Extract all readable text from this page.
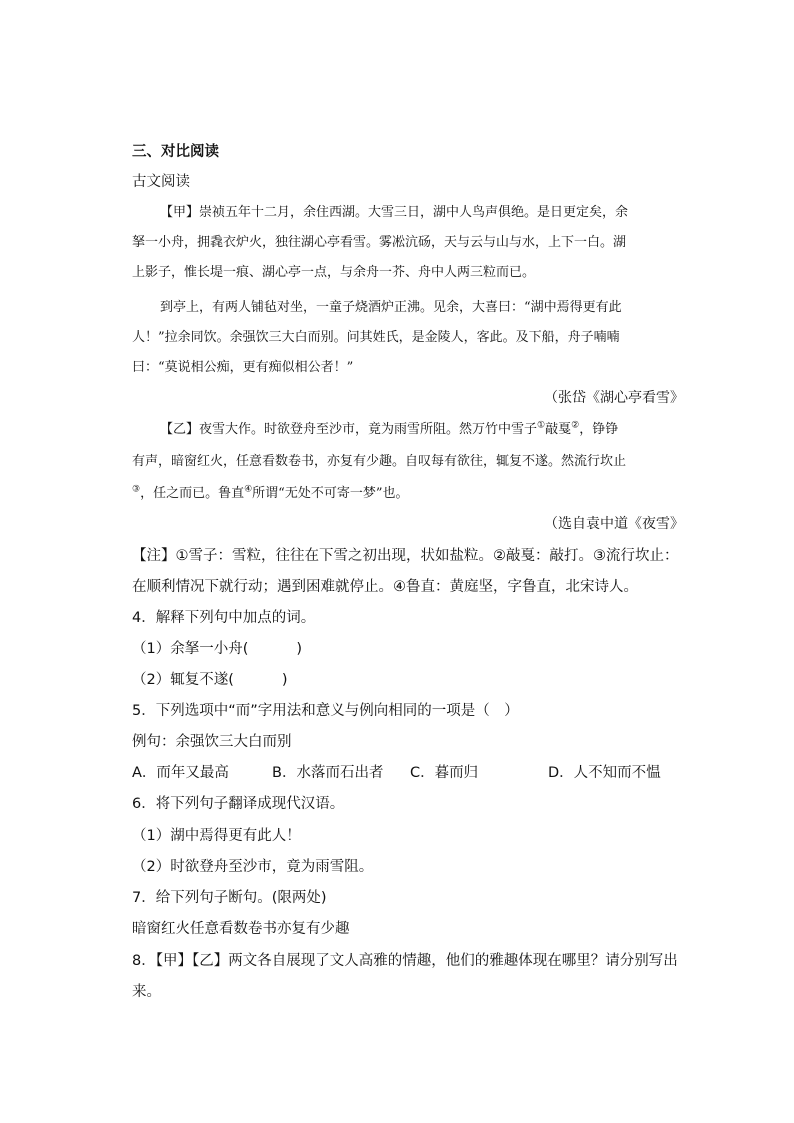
三、对比阅读
古文阅读
【甲】崇祯五年十二月，余住西湖。大雪三日，湖中人鸟声俱绝。是日更定矣，余
拏一小舟，拥毳衣炉火，独往湖心亭看雪。雾凇沆砀，天与云与山与水，上下一白。湖
上影子，惟长堤一痕、湖心亭一点，与余舟一芥、舟中人两三粒而已。
到亭上，有两人铺毡对坐，一童子烧酒炉正沸。见余，大喜曰：“湖中焉得更有此
人！”拉余同饮。余强饮三大白而别。问其姓氏，是金陵人，客此。及下船，舟子喃喃
曰：“莫说相公痴，更有痴似相公者！”
（张岱《湖心亭看雪》
【乙】夜雪大作。时欲登舟至沙市，竟为雨雪所阻。然万竹中雪子①敲戛②，铮铮
有声，暗窗红火，任意看数卷书，亦复有少趣。自叹每有欲往，辄复不遂。然流行坎止
③，任之而已。鲁直④所谓“无处不可寄一梦”也。
（选自袁中道《夜雪》
【注】①雪子：雪粒，往往在下雪之初出现，状如盐粒。②敲戛：敲打。③流行坎止：
在顺利情况下就行动；遇到困难就停止。④鲁直：黄庭坚，字鲁直，北宋诗人。
4．解释下列句中加点的词。
（1）余拏一小舟(	)
（2）辄复不遂(	)
5．下列选项中“而”字用法和意义与例向相同的一项是（　）
例句：余强饮三大白而别
A．而年又最高	B．水落而石出者 C．暮而归	D．人不知而不愠
6．将下列句子翻译成现代汉语。
（1）湖中焉得更有此人！
（2）时欲登舟至沙市，竟为雨雪阻。
7．给下列句子断句。(限两处)
暗窗红火任意看数卷书亦复有少趣
8．【甲】【乙】两文各自展现了文人高雅的情趣，他们的雅趣体现在哪里？请分别写出
来。
